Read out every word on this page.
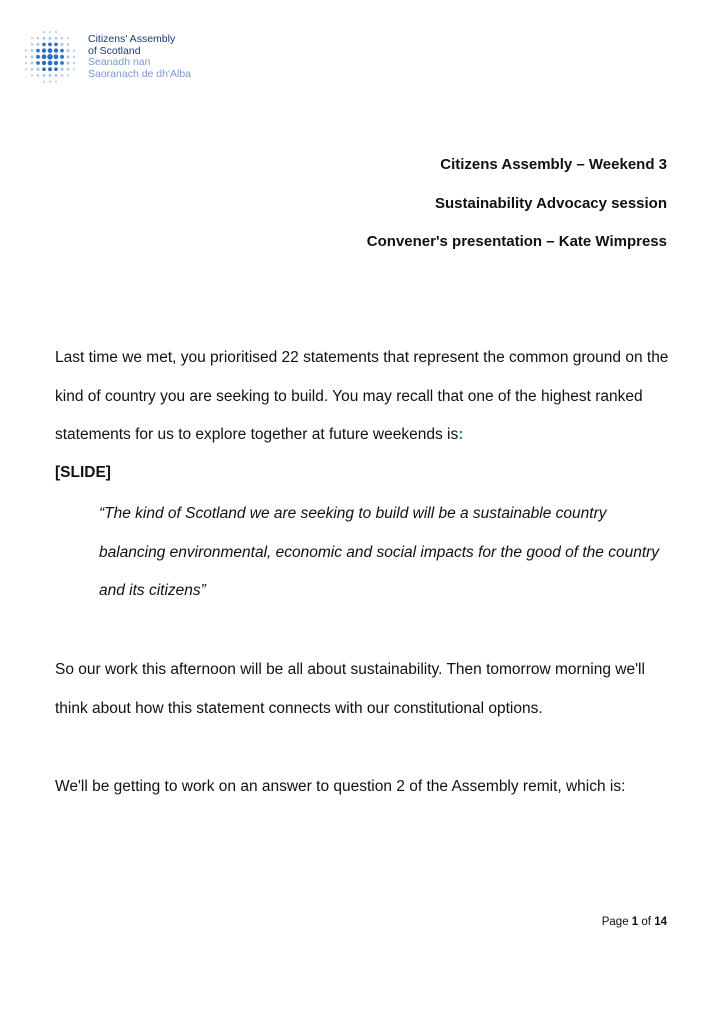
Citizens' Assembly
of Scotland
Seanadh nan
Saoranach de dh'Alba
Citizens Assembly – Weekend 3
Sustainability Advocacy session
Convener's presentation – Kate Wimpress
Last time we met, you prioritised 22 statements that represent the common ground on the kind of country you are seeking to build. You may recall that one of the highest ranked statements for us to explore together at future weekends is:
[SLIDE]
“The kind of Scotland we are seeking to build will be a sustainable country balancing environmental, economic and social impacts for the good of the country and its citizens”
So our work this afternoon will be all about sustainability. Then tomorrow morning we'll think about how this statement connects with our constitutional options.
We'll be getting to work on an answer to question 2 of the Assembly remit, which is:
Page 1 of 14
